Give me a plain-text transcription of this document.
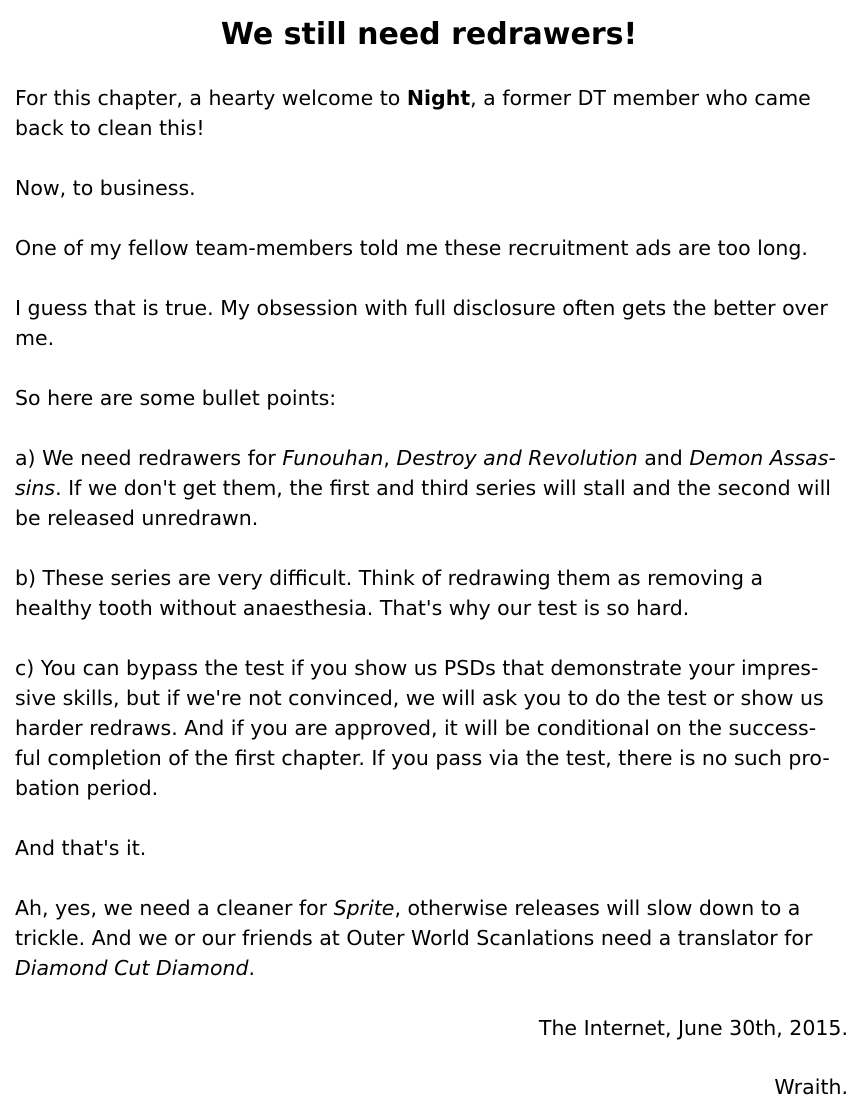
We still need redrawers!

For this chapter, a hearty welcome to Night, a former DT member who came
back to clean this!

Now, to business.

One of my fellow team-members told me these recruitment ads are too long.

I guess that is true. My obsession with full disclosure often gets the better over
me.

So here are some bullet points:

a) We need redrawers for Funouhan, Destroy and Revolution and Demon Assas-
sins. If we don't get them, the first and third series will stall and the second will
be released unredrawn.

b) These series are very difficult. Think of redrawing them as removing a
healthy tooth without anaesthesia. That's why our test is so hard.

c) You can bypass the test if you show us PSDs that demonstrate your impres-
sive skills, but if we're not convinced, we will ask you to do the test or show us
harder redraws. And if you are approved, it will be conditional on the success-
ful completion of the first chapter. If you pass via the test, there is no such pro-
bation period.

And that's it.

Ah, yes, we need a cleaner for Sprite, otherwise releases will slow down to a
trickle. And we or our friends at Outer World Scanlations need a translator for
Diamond Cut Diamond.

The Internet, June 30th, 2015.

Wraith.
